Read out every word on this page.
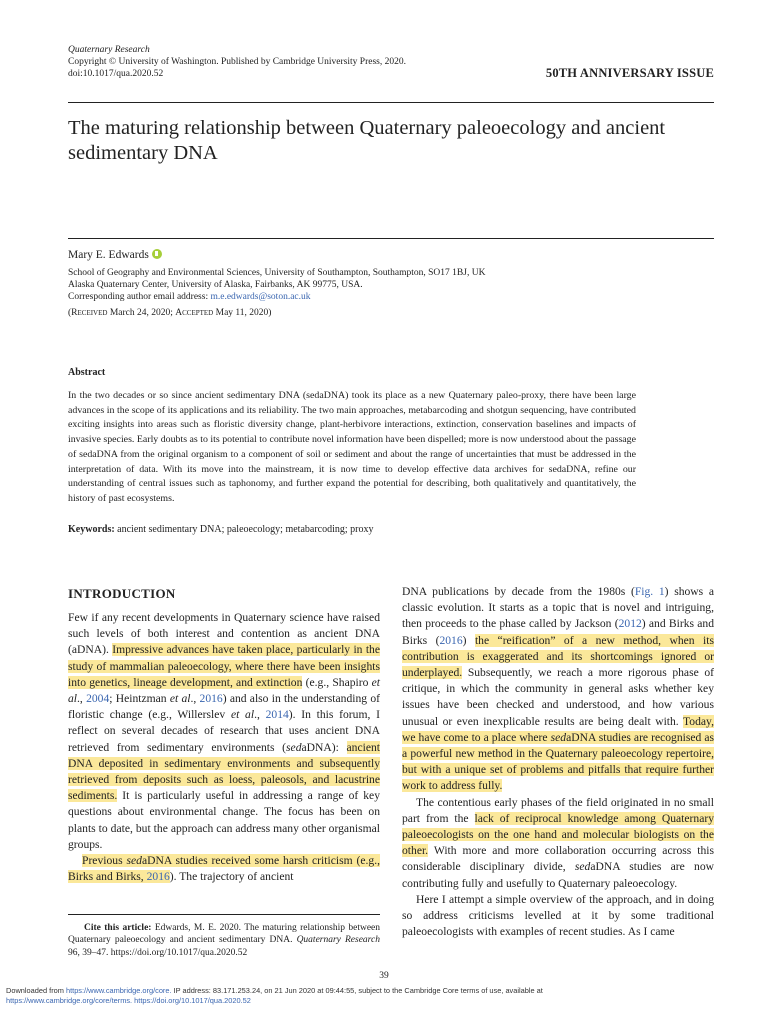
Quaternary Research
Copyright © University of Washington. Published by Cambridge University Press, 2020.
doi:10.1017/qua.2020.52	50TH ANNIVERSARY ISSUE
The maturing relationship between Quaternary paleoecology and ancient sedimentary DNA
Mary E. Edwards
School of Geography and Environmental Sciences, University of Southampton, Southampton, SO17 1BJ, UK
Alaska Quaternary Center, University of Alaska, Fairbanks, AK 99775, USA.
Corresponding author email address: m.e.edwards@soton.ac.uk
(Received March 24, 2020; Accepted May 11, 2020)
Abstract
In the two decades or so since ancient sedimentary DNA (sedaDNA) took its place as a new Quaternary paleo-proxy, there have been large advances in the scope of its applications and its reliability. The two main approaches, metabarcoding and shotgun sequencing, have contributed exciting insights into areas such as floristic diversity change, plant-herbivore interactions, extinction, conservation baselines and impacts of invasive species. Early doubts as to its potential to contribute novel information have been dispelled; more is now understood about the passage of sedaDNA from the original organism to a component of soil or sediment and about the range of uncertainties that must be addressed in the interpretation of data. With its move into the mainstream, it is now time to develop effective data archives for sedaDNA, refine our understanding of central issues such as taphonomy, and further expand the potential for describing, both qualitatively and quantitatively, the history of past ecosystems.
Keywords: ancient sedimentary DNA; paleoecology; metabarcoding; proxy
INTRODUCTION

Few if any recent developments in Quaternary science have raised such levels of both interest and contention as ancient DNA (aDNA). Impressive advances have taken place, particularly in the study of mammalian paleoecology, where there have been insights into genetics, lineage development, and extinction (e.g., Shapiro et al., 2004; Heintzman et al., 2016) and also in the understanding of floristic change (e.g., Willerslev et al., 2014). In this forum, I reflect on several decades of research that uses ancient DNA retrieved from sedimentary environments (sedaDNA): ancient DNA deposited in sedimentary environments and subsequently retrieved from deposits such as loess, paleosols, and lacustrine sediments. It is particularly useful in addressing a range of key questions about environmental change. The focus has been on plants to date, but the approach can address many other organismal groups.

Previous sedaDNA studies received some harsh criticism (e.g., Birks and Birks, 2016). The trajectory of ancient

DNA publications by decade from the 1980s (Fig. 1) shows a classic evolution. It starts as a topic that is novel and intriguing, then proceeds to the phase called by Jackson (2012) and Birks and Birks (2016) the “reification” of a new method, when its contribution is exaggerated and its shortcomings ignored or underplayed. Subsequently, we reach a more rigorous phase of critique, in which the community in general asks whether key issues have been checked and understood, and how various unusual or even inexplicable results are being dealt with. Today, we have come to a place where sedaDNA studies are recognised as a powerful new method in the Quaternary paleoecology repertoire, but with a unique set of problems and pitfalls that require further work to address fully.

The contentious early phases of the field originated in no small part from the lack of reciprocal knowledge among Quaternary paleoecologists on the one hand and molecular biologists on the other. With more and more collaboration occurring across this considerable disciplinary divide, sedaDNA studies are now contributing fully and usefully to Quaternary paleoecology.

Here I attempt a simple overview of the approach, and in doing so address criticisms levelled at it by some traditional paleoecologists with examples of recent studies. As I came

Cite this article: Edwards, M. E. 2020. The maturing relationship between Quaternary paleoecology and ancient sedimentary DNA. Quaternary Research 96, 39–47. https://doi.org/10.1017/qua.2020.52
39
Downloaded from https://www.cambridge.org/core. IP address: 83.171.253.24, on 21 Jun 2020 at 09:44:55, subject to the Cambridge Core terms of use, available at
https://www.cambridge.org/core/terms. https://doi.org/10.1017/qua.2020.52
